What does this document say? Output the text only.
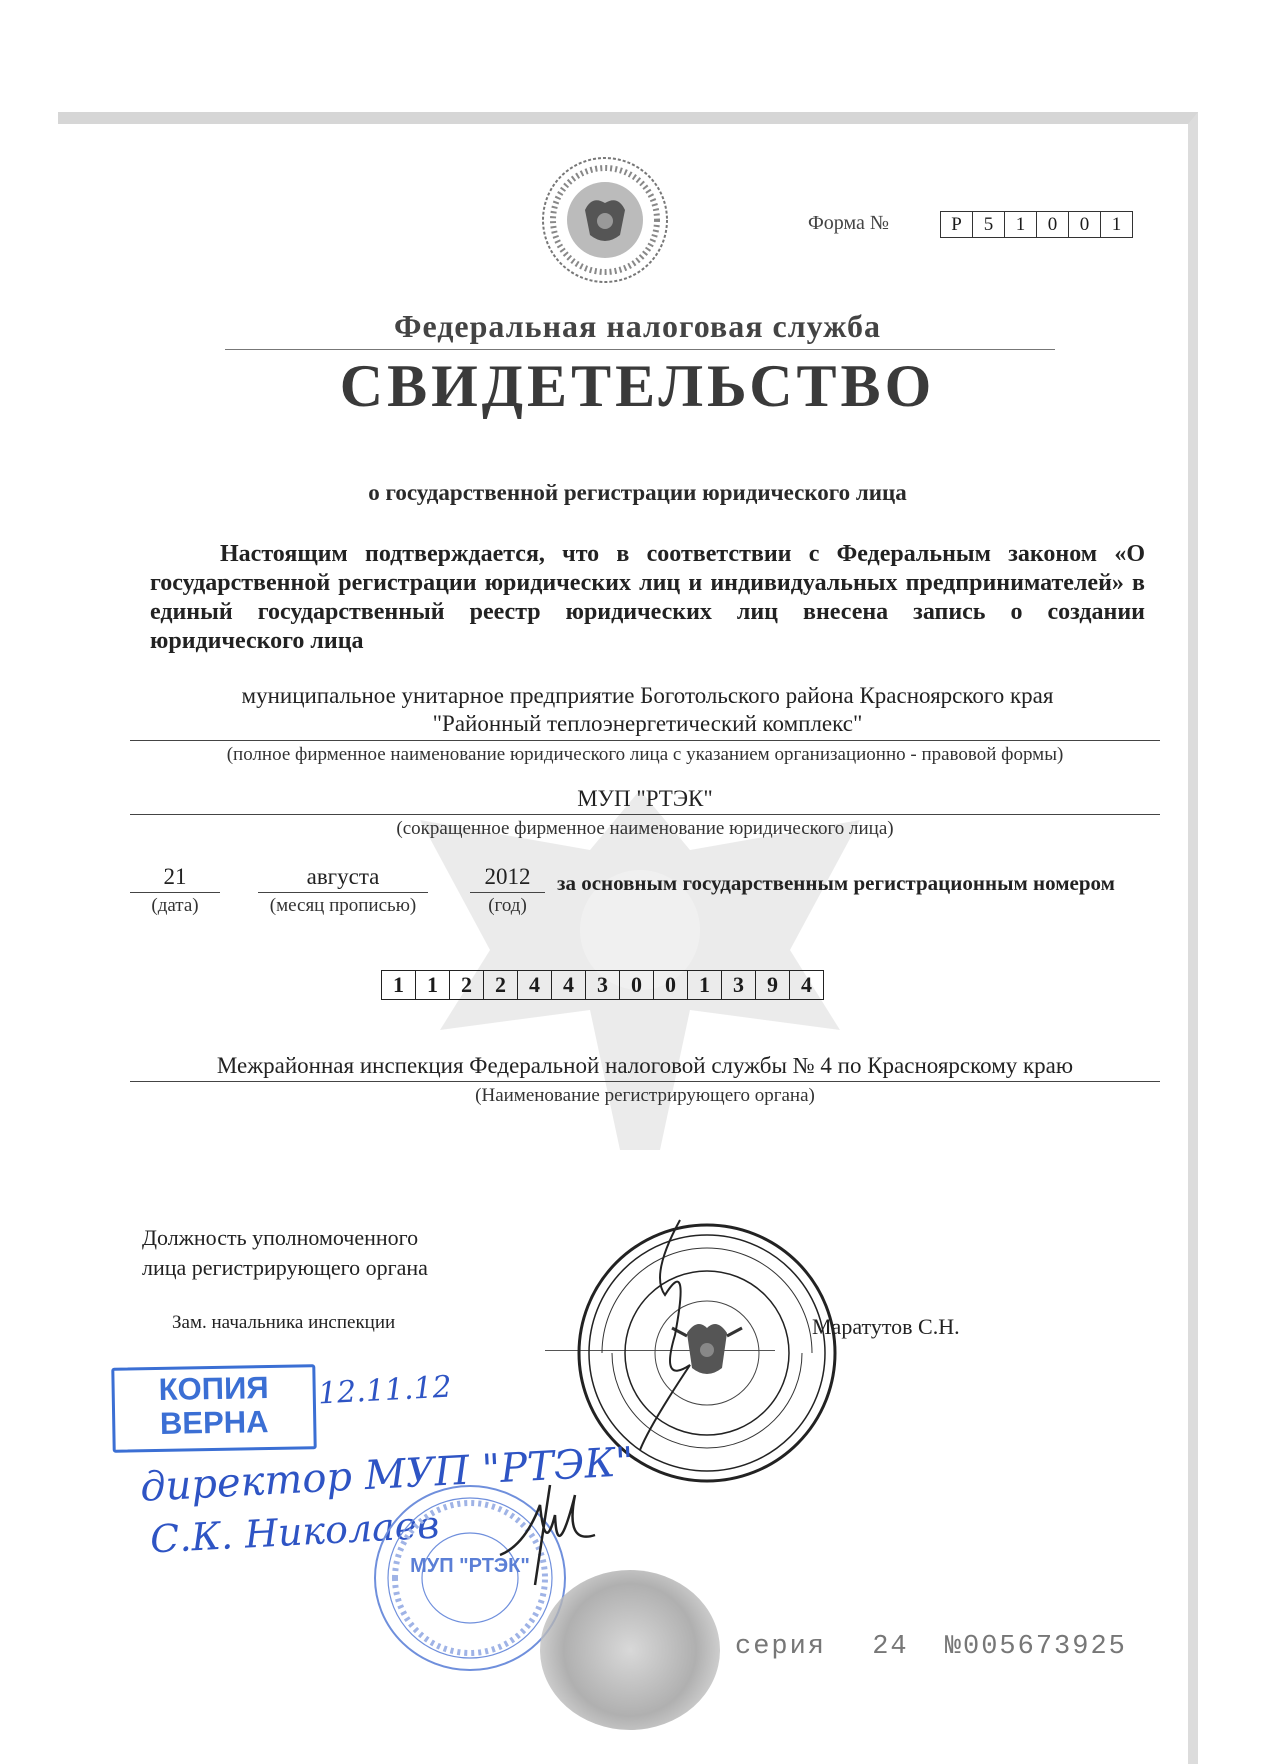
Форма №	Р	5	1	0	0	1
Федеральная налоговая служба
СВИДЕТЕЛЬСТВО
о государственной регистрации юридического лица
Настоящим подтверждается, что в соответствии с Федеральным законом «О государственной регистрации юридических лиц и индивидуальных предпринимателей» в единый государственный реестр юридических лиц внесена запись о создании юридического лица
муниципальное унитарное предприятие Боготольского района Красноярского края
"Районный теплоэнергетический комплекс"
(полное фирменное наименование юридического лица с указанием организационно - правовой формы)
МУП "РТЭК"
(сокращенное фирменное наименование юридического лица)
21
(дата)
августа
(месяц прописью)
2012
(год)
за основным государственным регистрационным номером
1	1	2	2	4	4	3	0	0	1	3	9	4
Межрайонная инспекция Федеральной налоговой службы № 4 по Красноярскому краю
(Наименование регистрирующего органа)
Должность уполномоченного
лица регистрирующего органа
Зам. начальника инспекции	Маратутов С.Н.
КОПИЯ
ВЕРНА
12.11.12
директор МУП "РТЭК"
С.К. Николаев
МУП "РТЭК"
серия 24 №005673925
